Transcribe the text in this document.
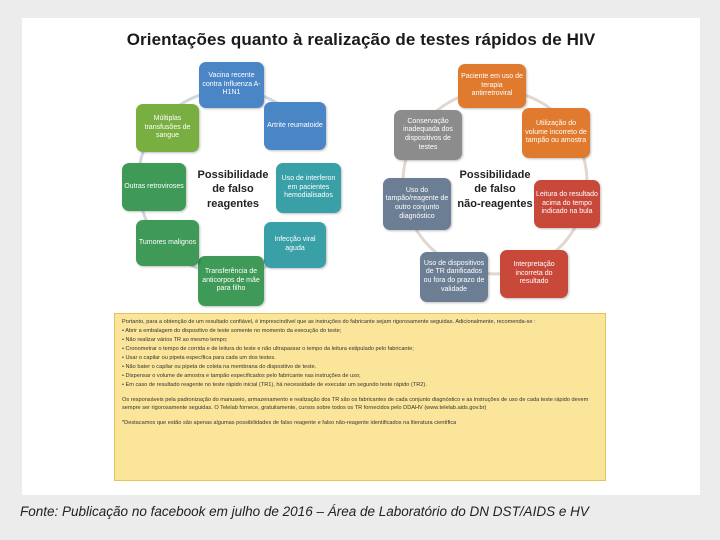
Orientações quanto à realização de testes rápidos de HIV
Vacina recente contra Influenza A-H1N1
Artrite reumatoide
Uso de interferon em pacientes hemodialisados
Infecção viral aguda
Transferência de anticorpos de mãe para filho
Tumores malignos
Outras retroviroses
Múltiplas transfusões de sangue
Possibilidade
de falso
reagentes
Paciente em uso de terapia antirretroviral
Utilização do volume incorreto de tampão ou amostra
Leitura do resultado acima do tempo indicado na bula
Interpretação incorreta do resultado
Uso de dispositivos de TR danificados ou fora do prazo de validade
Uso do tampão/reagente de outro conjunto diagnóstico
Conservação inadequada dos dispositivos de testes
Possibilidade
de falso
não-reagentes

Portanto, para a obtenção de um resultado confiável, é imprescindível que as instruções do fabricante sejam rigorosamente seguidas. Adicionalmente, recomenda-se :

• Abrir a embalagem do dispositivo de teste somente no momento da execução do teste;

• Não realizar vários TR ao mesmo tempo;

• Cronometrar o tempo de corrida e de leitura do teste e não ultrapassar o tempo da leitura estipulado pelo fabricante;

• Usar o capilar ou pipeta específica para cada um dos testes.

• Não bater o capilar ou pipeta de coleta na membrana do dispositivo de teste.

• Dispensar o volume de amostra e tampão especificados pelo fabricante nas instruções de uso;

• Em caso de resultado reagente no teste rápido inicial (TR1), há necessidade de executar um segundo teste rápido (TR2).

Os responsáveis pela padronização do manuseio, armazenamento e realização dos TR são os fabricantes de cada conjunto diagnóstico e as instruções de uso de cada teste rápido devem sempre ser rigorosamente seguidas. O Telelab fornece, gratuitamente, cursos sobre todos os TR fornecidos pelo DDAHV (www.telelab.aids.gov.br)

*Destacamos que estão são apenas algumas possibilidades de falso reagente e falso não-reagente identificados na literatura científica

Fonte: Publicação no facebook em julho de 2016 – Área de Laboratório do DN DST/AIDS e HV
